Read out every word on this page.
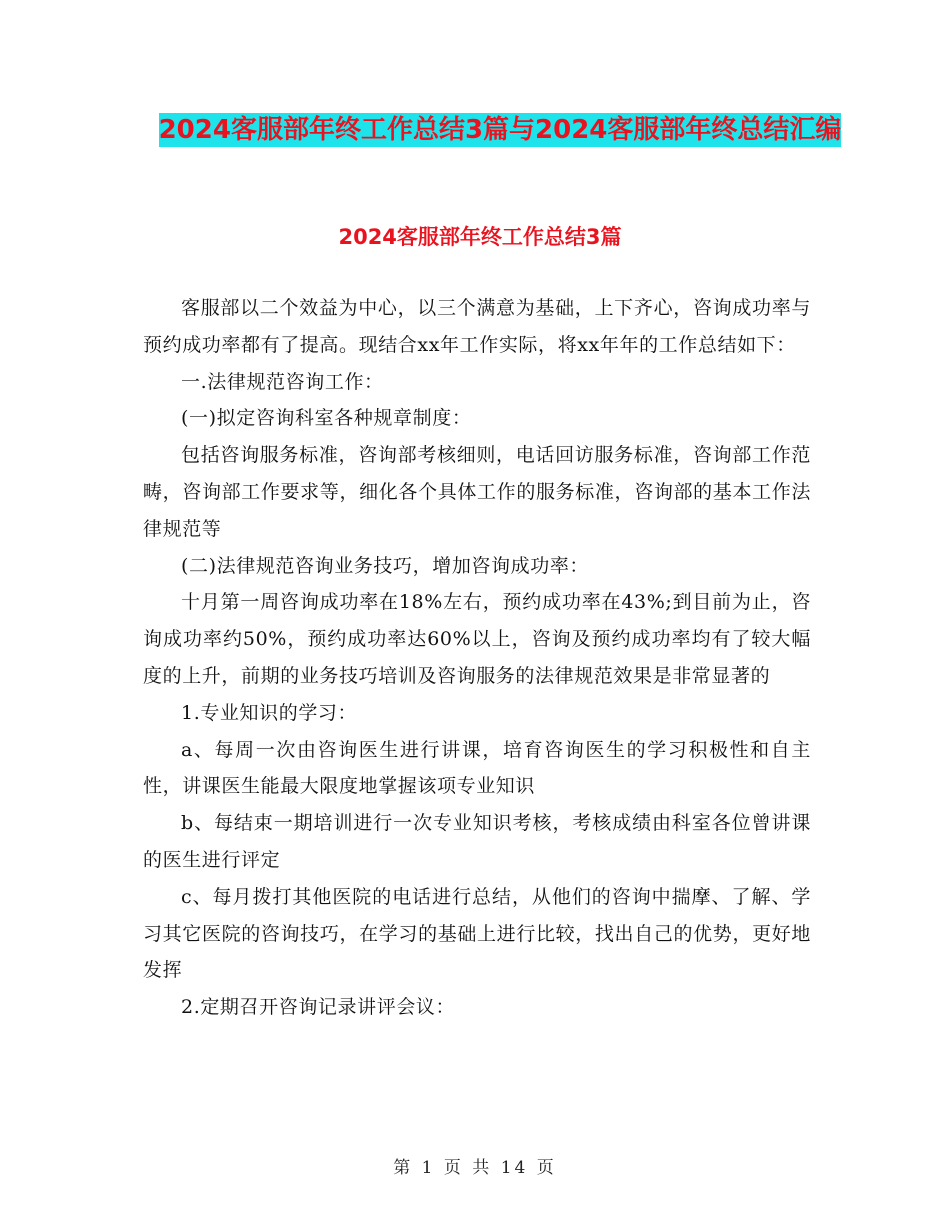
2024客服部年终工作总结3篇与2024客服部年终总结汇编
2024客服部年终工作总结3篇

客服部以二个效益为中心，以三个满意为基础，上下齐心，咨询成功率与预约成功率都有了提高。现结合xx年工作实际，将xx年年的工作总结如下：

一.法律规范咨询工作：

(一)拟定咨询科室各种规章制度：

包括咨询服务标准，咨询部考核细则，电话回访服务标准，咨询部工作范畴，咨询部工作要求等，细化各个具体工作的服务标准，咨询部的基本工作法律规范等

(二)法律规范咨询业务技巧，增加咨询成功率：

十月第一周咨询成功率在18%左右，预约成功率在43%;到目前为止，咨询成功率约50%，预约成功率达60%以上，咨询及预约成功率均有了较大幅度的上升，前期的业务技巧培训及咨询服务的法律规范效果是非常显著的

1.专业知识的学习：

a、每周一次由咨询医生进行讲课，培育咨询医生的学习积极性和自主性，讲课医生能最大限度地掌握该项专业知识

b、每结束一期培训进行一次专业知识考核，考核成绩由科室各位曾讲课的医生进行评定

c、每月拨打其他医院的电话进行总结，从他们的咨询中揣摩、了解、学习其它医院的咨询技巧，在学习的基础上进行比较，找出自己的优势，更好地发挥

2.定期召开咨询记录讲评会议：

第 1 页 共 14 页
